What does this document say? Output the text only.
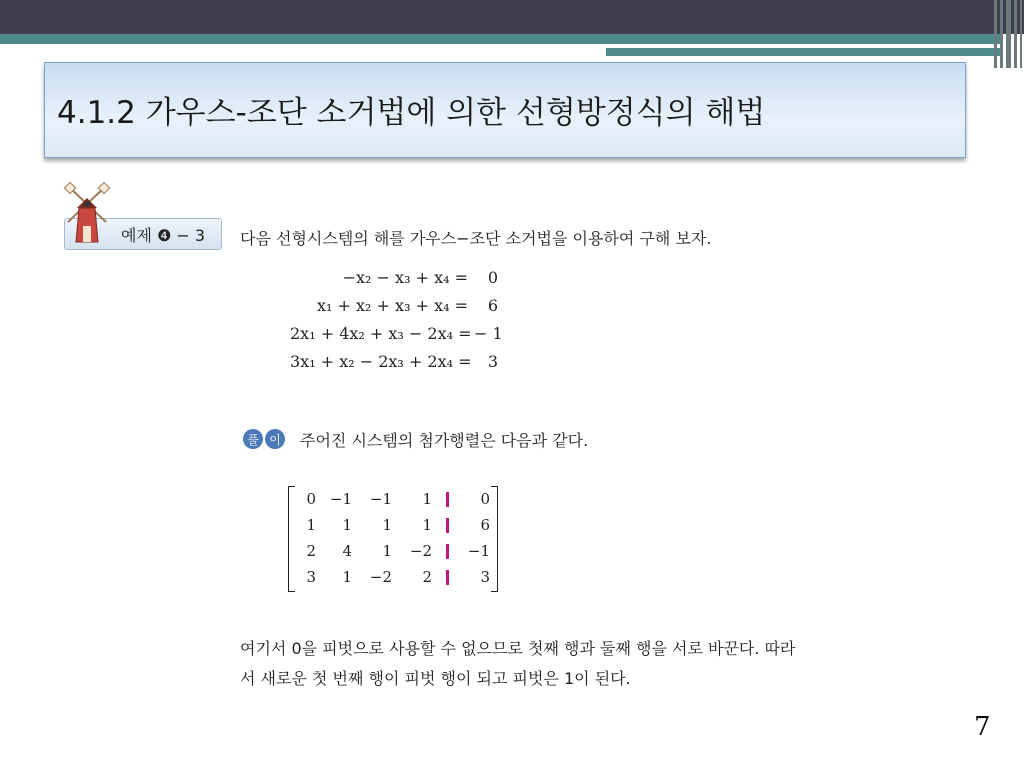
4.1.2 가우스-조단 소거법에 의한 선형방정식의 해법
예제 ❹ − 3 다음 선형시스템의 해를 가우스−조단 소거법을 이용하여 구해 보자.
−x₂ − x₃ + x₄ =	0
x₁ + x₂ + x₃ + x₄ =	6
2x₁ + 4x₂ + x₃ − 2x₄ = − 1
3x₁ + x₂ − 2x₃ + 2x₄ =	3
풀 이 주어진 시스템의 첨가행렬은 다음과 같다.
0 −1 −1	1	0
1	1	1	1	6
2	4	1 −2 −1
3	1 −2	2	3
여기서 0을 피벗으로 사용할 수 없으므로 첫째 행과 둘째 행을 서로 바꾼다. 따라
서 새로운 첫 번째 행이 피벗 행이 되고 피벗은 1이 된다.
7
